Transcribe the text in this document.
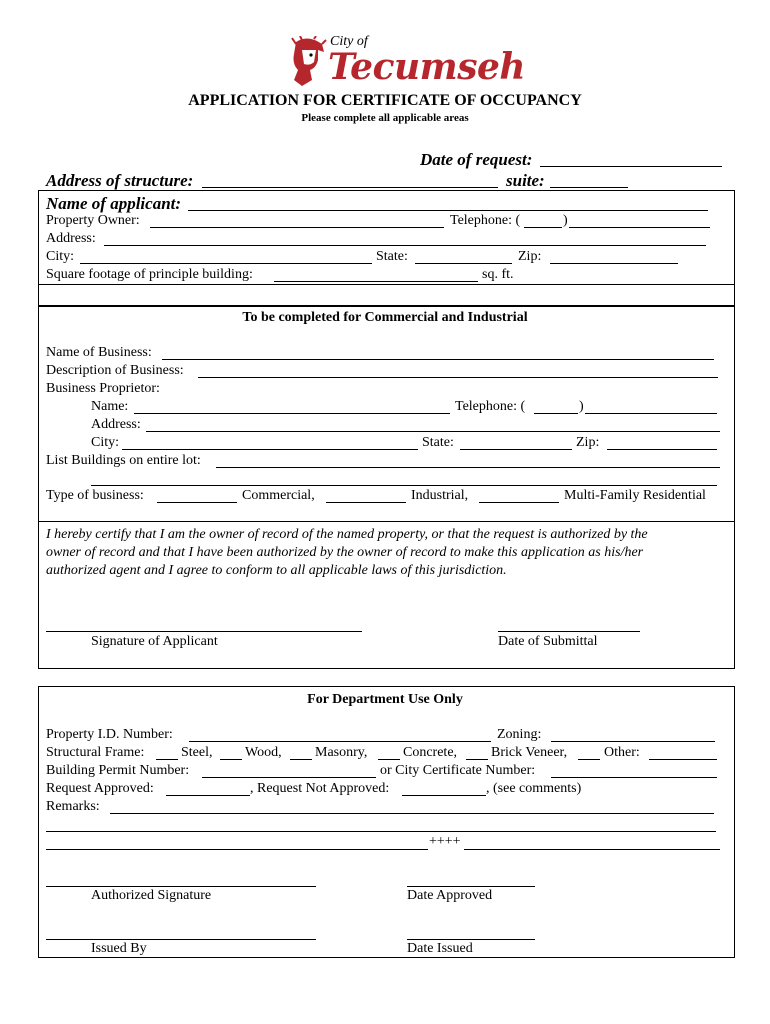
City of
Tecumseh
APPLICATION FOR CERTIFICATE OF OCCUPANCY
Please complete all applicable areas
Date of request:
Address of structure:	suite:
Name of applicant:
Property Owner:	Telephone: (	)
Address:
City:	State:	Zip:
Square footage of principle building:	sq. ft.
To be completed for Commercial and Industrial
Name of Business:
Description of Business:
Business Proprietor:
Name:	Telephone: (	)
Address:
City:	State:	Zip:
List Buildings on entire lot:
Type of business:	Commercial,	Industrial,	Multi-Family Residential
I hereby certify that I am the owner of record of the named property, or that the request is authorized by the
owner of record and that I have been authorized by the owner of record to make this application as his/her
authorized agent and I agree to conform to all applicable laws of this jurisdiction.
Signature of Applicant	Date of Submittal
For Department Use Only
Property I.D. Number:	Zoning:
Structural Frame:	Steel, Wood, Masonry,	Concrete, Brick Veneer,	Other:
Building Permit Number:	or City Certificate Number:
Request Approved:	, Request Not Approved:	, (see comments)
Remarks:
++++
Authorized Signature	Date Approved
Issued By	Date Issued
